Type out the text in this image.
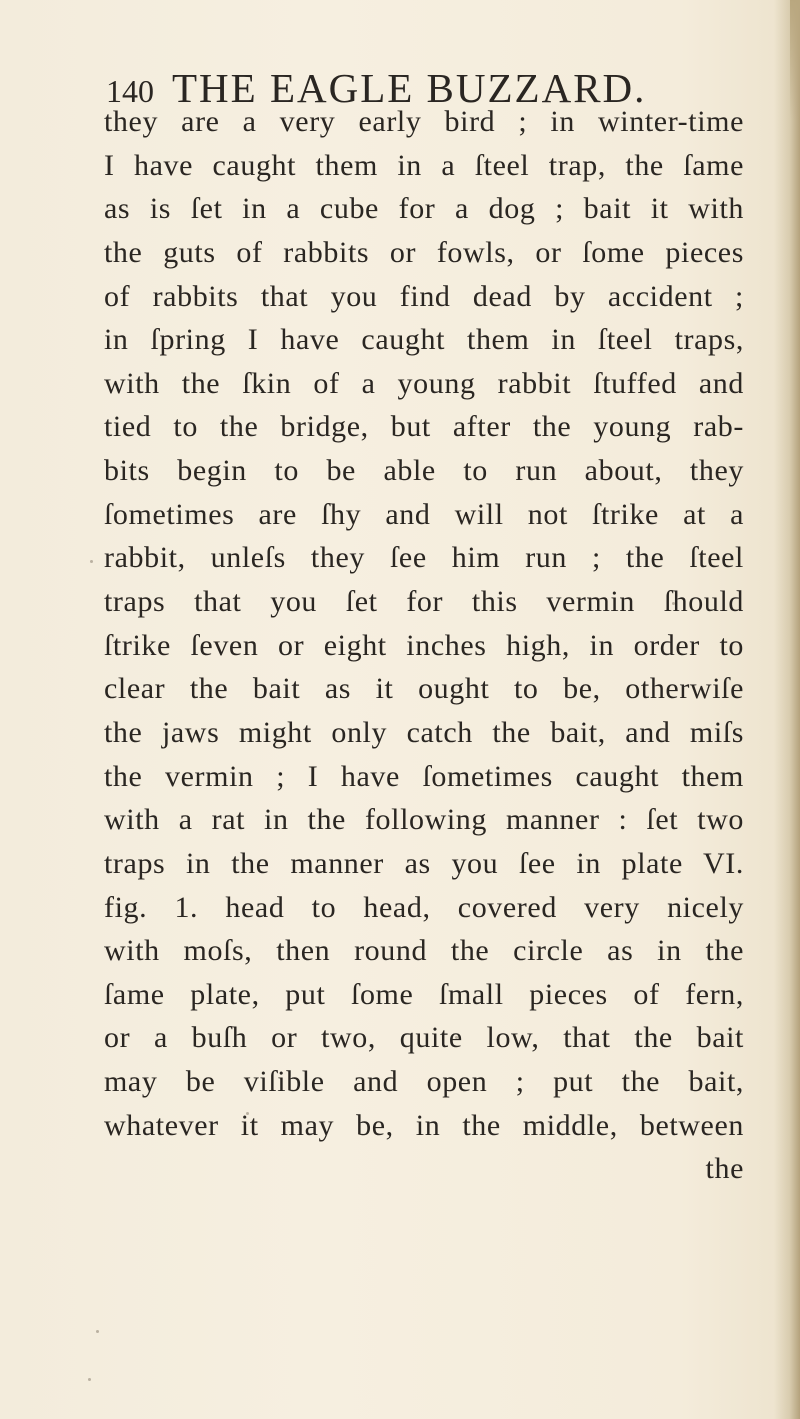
140 THE EAGLE BUZZARD.
they are a very early bird ; in winter-time
I have caught them in a ſteel trap, the ſame
as is ſet in a cube for a dog ; bait it with
the guts of rabbits or fowls, or ſome pieces
of rabbits that you find dead by accident ;
in ſpring I have caught them in ſteel traps,
with the ſkin of a young rabbit ſtuffed and
tied to the bridge, but after the young rab-
bits begin to be able to run about, they
ſometimes are ſhy and will not ſtrike at a
rabbit, unleſs they ſee him run ; the ſteel
traps that you ſet for this vermin ſhould
ſtrike ſeven or eight inches high, in order to
clear the bait as it ought to be, otherwiſe
the jaws might only catch the bait, and miſs
the vermin ; I have ſometimes caught them
with a rat in the following manner : ſet two
traps in the manner as you ſee in plate VI.
fig. 1. head to head, covered very nicely
with moſs, then round the circle as in the
ſame plate, put ſome ſmall pieces of fern,
or a buſh or two, quite low, that the bait
may be viſible and open ; put the bait,
whatever it may be, in the middle, between
the
